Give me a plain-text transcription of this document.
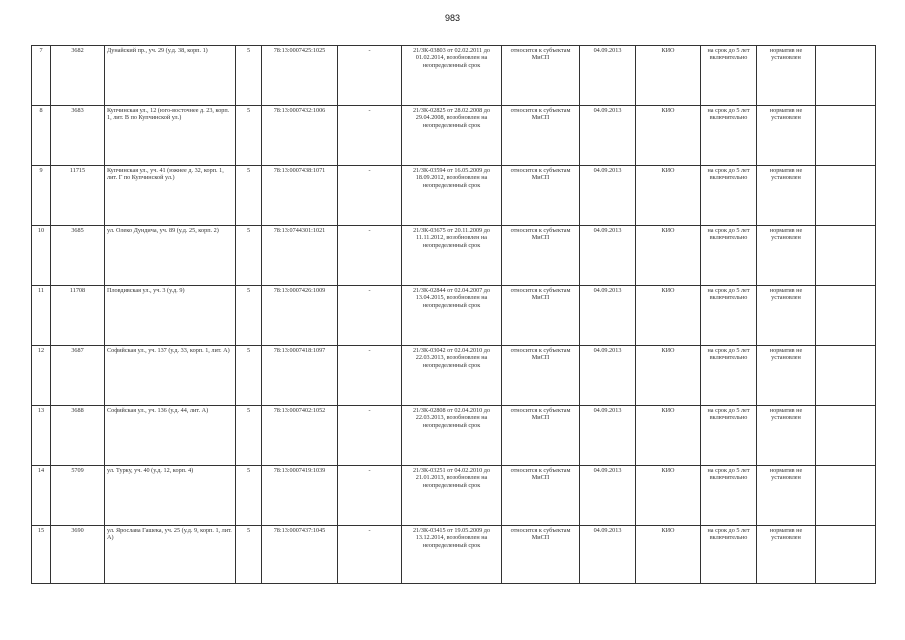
983
7	3682	Дунайский пр., уч. 29 (у.д. 38, корп. 1)	5	78:13:0007425:1025	-	21/ЗК-03803 от 02.02.2011 до 01.02.2014, возобновлен на неопределенный срок	относится к субъектам МиСП	04.09.2013	КИО	на срок до 5 лет включительно	норматив не установлен	
8	3683	Купчинская ул., 12 (юго-восточнее д. 23, корп. 1, лит. В по Купчинской ул.)	5	78:13:0007432:1006	-	21/ЗК-02825 от 28.02.2008 до 29.04.2008, возобновлен на неопределенный срок	относится к субъектам МиСП	04.09.2013	КИО	на срок до 5 лет включительно	норматив не установлен	
9	11715	Купчинская ул., уч. 41 (южнее д. 32, корп. 1, лит. Г по Купчинской ул.)	5	78:13:0007438:1071	-	21/ЗК-03594 от 16.05.2009 до 18.09.2012, возобновлен на неопределенный срок	относится к субъектам МиСП	04.09.2013	КИО	на срок до 5 лет включительно	норматив не установлен	
10	3685	ул. Олеко Дундича, уч. 89 (у.д. 25, корп. 2)	5	78:13:0744301:1021	-	21/ЗК-03675 от 20.11.2009 до 11.11.2012, возобновлен на неопределенный срок	относится к субъектам МиСП	04.09.2013	КИО	на срок до 5 лет включительно	норматив не установлен	
11	11708	Пловдивская ул., уч. 3 (у.д. 9)	5	78:13:0007426:1009	-	21/ЗК-02844 от 02.04.2007 до 13.04.2015, возобновлен на неопределенный срок	относится к субъектам МиСП	04.09.2013	КИО	на срок до 5 лет включительно	норматив не установлен	
12	3687	Софийская ул., уч. 137 (у.д. 33, корп. 1, лит. А)	5	78:13:0007418:1097	-	21/ЗК-03042 от 02.04.2010 до 22.03.2013, возобновлен на неопределенный срок	относится к субъектам МиСП	04.09.2013	КИО	на срок до 5 лет включительно	норматив не установлен	
13	3688	Софийская ул., уч. 136 (у.д. 44, лит. А)	5	78:13:0007402:1052	-	21/ЗК-02808 от 02.04.2010 до 22.03.2013, возобновлен на неопределенный срок	относится к субъектам МиСП	04.09.2013	КИО	на срок до 5 лет включительно	норматив не установлен	
14	5709	ул. Турку, уч. 40 (у.д. 12, корп. 4)	5	78:13:0007419:1039	-	21/ЗК-03251 от 04.02.2010 до 21.01.2013, возобновлен на неопределенный срок	относится к субъектам МиСП	04.09.2013	КИО	на срок до 5 лет включительно	норматив не установлен	
15	3690	ул. Ярослава Гашека, уч. 25 (у.д. 9, корп. 1, лит. А)	5	78:13:0007437:1045	-	21/ЗК-03415 от 19.05.2009 до 13.12.2014, возобновлен на неопределенный срок	относится к субъектам МиСП	04.09.2013	КИО	на срок до 5 лет включительно	норматив не установлен	
